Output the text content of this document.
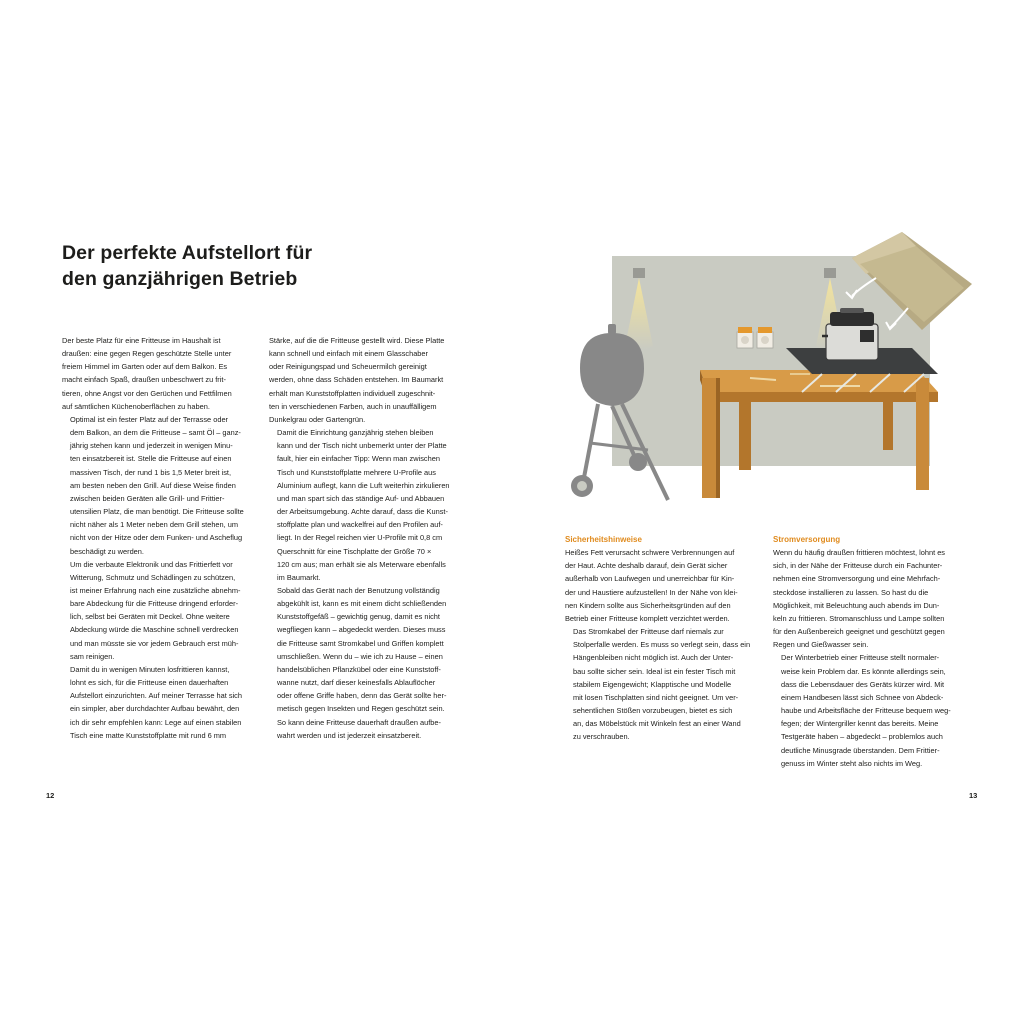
Der perfekte Aufstellort für
den ganzjährigen Betrieb
Der beste Platz für eine Fritteuse im Haushalt ist
draußen: eine gegen Regen geschützte Stelle unter
freiem Himmel im Garten oder auf dem Balkon. Es
macht einfach Spaß, draußen unbeschwert zu frit-
tieren, ohne Angst vor den Gerüchen und Fettfilmen
auf sämtlichen Küchenoberflächen zu haben.
Optimal ist ein fester Platz auf der Terrasse oder
dem Balkon, an dem die Fritteuse – samt Öl – ganz-
jährig stehen kann und jederzeit in wenigen Minu-
ten einsatzbereit ist. Stelle die Fritteuse auf einen
massiven Tisch, der rund 1 bis 1,5 Meter breit ist,
am besten neben den Grill. Auf diese Weise finden
zwischen beiden Geräten alle Grill- und Frittier-
utensilien Platz, die man benötigt. Die Fritteuse sollte
nicht näher als 1 Meter neben dem Grill stehen, um
nicht von der Hitze oder dem Funken- und Ascheflug
beschädigt zu werden.
Um die verbaute Elektronik und das Frittierfett vor
Witterung, Schmutz und Schädlingen zu schützen,
ist meiner Erfahrung nach eine zusätzliche abnehm-
bare Abdeckung für die Fritteuse dringend erforder-
lich, selbst bei Geräten mit Deckel. Ohne weitere
Abdeckung würde die Maschine schnell verdrecken
und man müsste sie vor jedem Gebrauch erst müh-
sam reinigen.
Damit du in wenigen Minuten losfrittieren kannst,
lohnt es sich, für die Fritteuse einen dauerhaften
Aufstellort einzurichten. Auf meiner Terrasse hat sich
ein simpler, aber durchdachter Aufbau bewährt, den
ich dir sehr empfehlen kann: Lege auf einen stabilen
Tisch eine matte Kunststoffplatte mit rund 6 mm
Stärke, auf die die Fritteuse gestellt wird. Diese Platte
kann schnell und einfach mit einem Glasschaber
oder Reinigungspad und Scheuermilch gereinigt
werden, ohne dass Schäden entstehen. Im Baumarkt
erhält man Kunststoffplatten individuell zugeschnit-
ten in verschiedenen Farben, auch in unauffälligem
Dunkelgrau oder Gartengrün.
Damit die Einrichtung ganzjährig stehen bleiben
kann und der Tisch nicht unbemerkt unter der Platte
fault, hier ein einfacher Tipp: Wenn man zwischen
Tisch und Kunststoffplatte mehrere U-Profile aus
Aluminium auflegt, kann die Luft weiterhin zirkulieren
und man spart sich das ständige Auf- und Abbauen
der Arbeitsumgebung. Achte darauf, dass die Kunst-
stoffplatte plan und wackelfrei auf den Profilen auf-
liegt. In der Regel reichen vier U-Profile mit 0,8 cm
Querschnitt für eine Tischplatte der Größe 70 ×
120 cm aus; man erhält sie als Meterware ebenfalls
im Baumarkt.
Sobald das Gerät nach der Benutzung vollständig
abgekühlt ist, kann es mit einem dicht schließenden
Kunststoffgefäß – gewichtig genug, damit es nicht
wegfliegen kann – abgedeckt werden. Dieses muss
die Fritteuse samt Stromkabel und Griffen komplett
umschließen. Wenn du – wie ich zu Hause – einen
handelsüblichen Pflanzkübel oder eine Kunststoff-
wanne nutzt, darf dieser keinesfalls Ablauflöcher
oder offene Griffe haben, denn das Gerät sollte her-
metisch gegen Insekten und Regen geschützt sein.
So kann deine Fritteuse dauerhaft draußen aufbe-
wahrt werden und ist jederzeit einsatzbereit.
Sicherheitshinweise
Heißes Fett verursacht schwere Verbrennungen auf
der Haut. Achte deshalb darauf, dein Gerät sicher
außerhalb von Laufwegen und unerreichbar für Kin-
der und Haustiere aufzustellen! In der Nähe von klei-
nen Kindern sollte aus Sicherheitsgründen auf den
Betrieb einer Fritteuse komplett verzichtet werden.
Das Stromkabel der Fritteuse darf niemals zur
Stolperfalle werden. Es muss so verlegt sein, dass ein
Hängenbleiben nicht möglich ist. Auch der Unter-
bau sollte sicher sein. Ideal ist ein fester Tisch mit
stabilem Eigengewicht; Klapptische und Modelle
mit losen Tischplatten sind nicht geeignet. Um ver-
sehentlichen Stößen vorzubeugen, bietet es sich
an, das Möbelstück mit Winkeln fest an einer Wand
zu verschrauben.
Stromversorgung
Wenn du häufig draußen frittieren möchtest, lohnt es
sich, in der Nähe der Fritteuse durch ein Fachunter-
nehmen eine Stromversorgung und eine Mehrfach-
steckdose installieren zu lassen. So hast du die
Möglichkeit, mit Beleuchtung auch abends im Dun-
keln zu frittieren. Stromanschluss und Lampe sollten
für den Außenbereich geeignet und geschützt gegen
Regen und Gießwasser sein.
Der Winterbetrieb einer Fritteuse stellt normaler-
weise kein Problem dar. Es könnte allerdings sein,
dass die Lebensdauer des Geräts kürzer wird. Mit
einem Handbesen lässt sich Schnee von Abdeck-
haube und Arbeitsfläche der Fritteuse bequem weg-
fegen; der Wintergriller kennt das bereits. Meine
Testgeräte haben – abgedeckt – problemlos auch
deutliche Minusgrade überstanden. Dem Frittier-
genuss im Winter steht also nichts im Weg.
12	13
